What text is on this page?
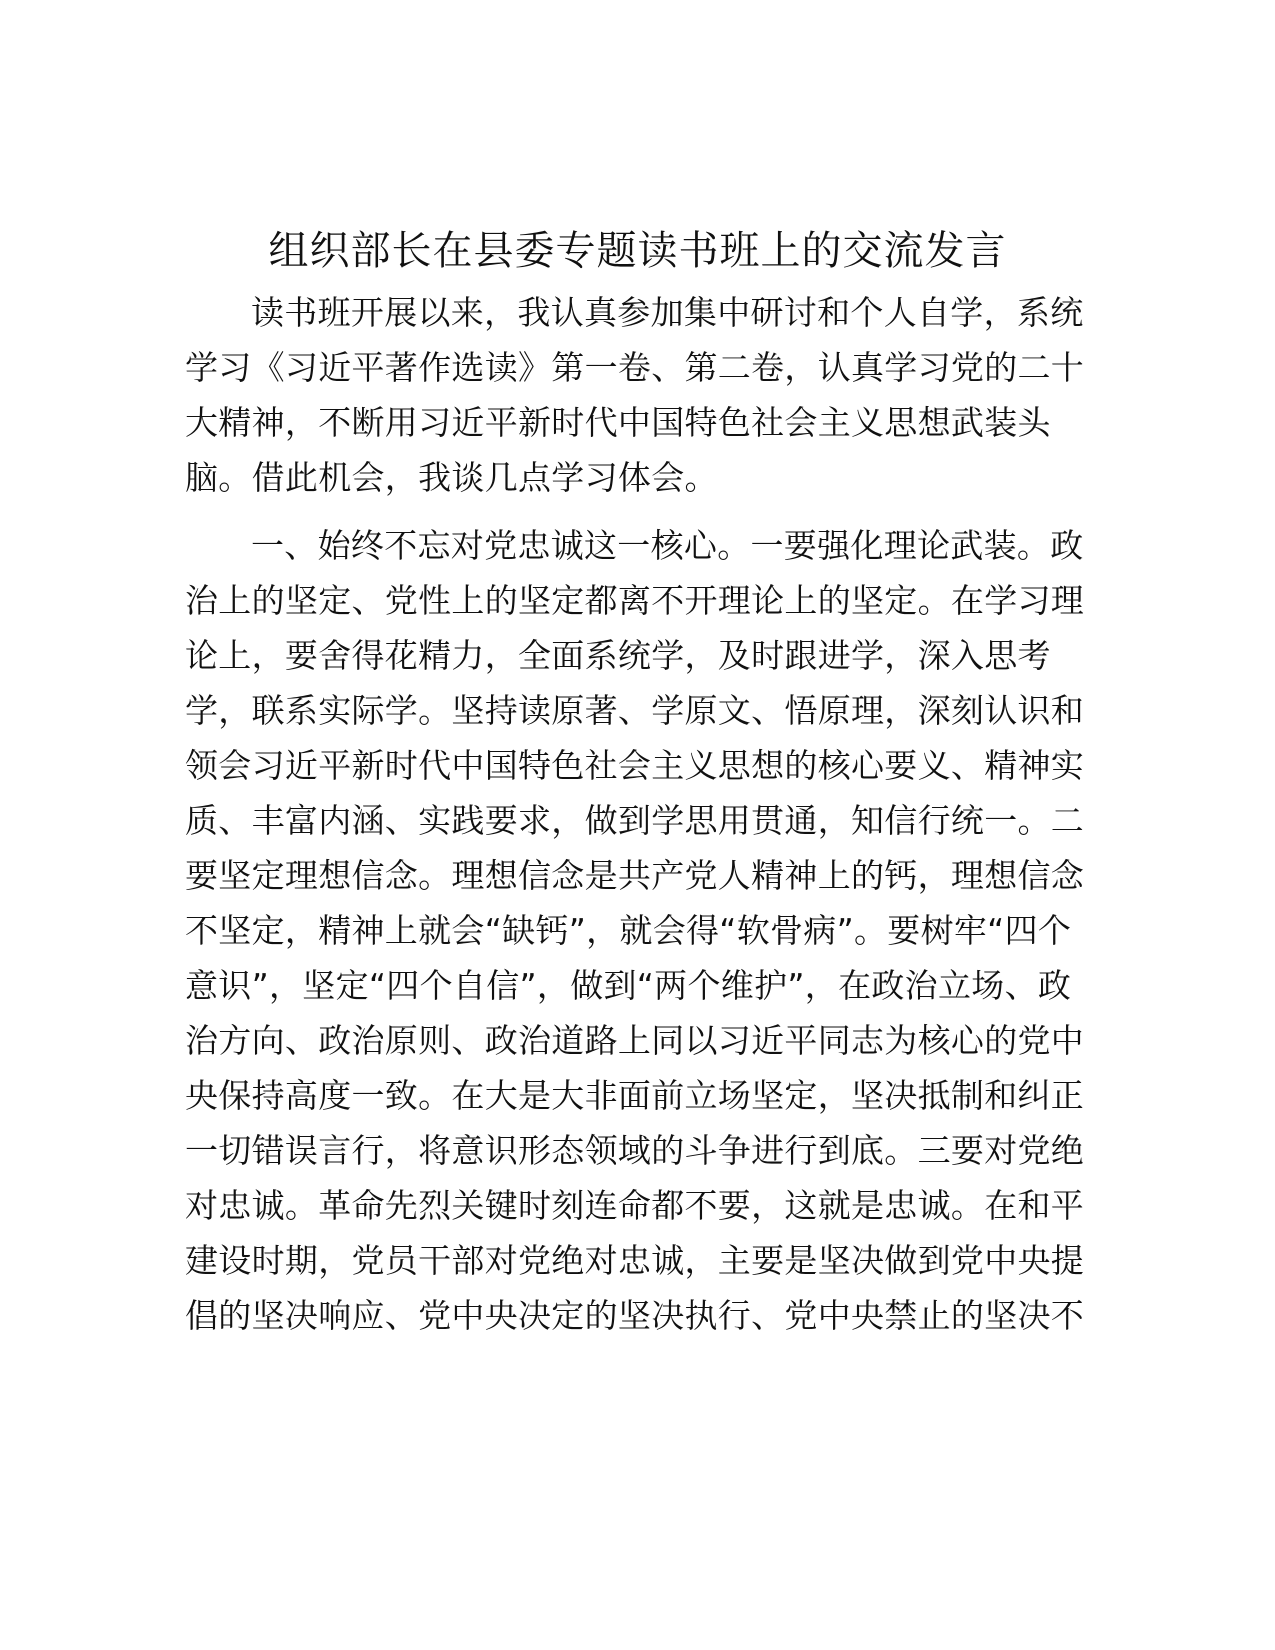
组织部长在县委专题读书班上的交流发言
读书班开展以来，我认真参加集中研讨和个人自学，系统
学习《习近平著作选读》第一卷、第二卷，认真学习党的二十
大精神，不断用习近平新时代中国特色社会主义思想武装头
脑。借此机会，我谈几点学习体会。
一、始终不忘对党忠诚这一核心。一要强化理论武装。政
治上的坚定、党性上的坚定都离不开理论上的坚定。在学习理
论上，要舍得花精力，全面系统学，及时跟进学，深入思考
学，联系实际学。坚持读原著、学原文、悟原理，深刻认识和
领会习近平新时代中国特色社会主义思想的核心要义、精神实
质、丰富内涵、实践要求，做到学思用贯通，知信行统一。二
要坚定理想信念。理想信念是共产党人精神上的钙，理想信念
不坚定，精神上就会“缺钙”，就会得“软骨病”。要树牢“四个
意识”，坚定“四个自信”，做到“两个维护”，在政治立场、政
治方向、政治原则、政治道路上同以习近平同志为核心的党中
央保持高度一致。在大是大非面前立场坚定，坚决抵制和纠正
一切错误言行，将意识形态领域的斗争进行到底。三要对党绝
对忠诚。革命先烈关键时刻连命都不要，这就是忠诚。在和平
建设时期，党员干部对党绝对忠诚，主要是坚决做到党中央提
倡的坚决响应、党中央决定的坚决执行、党中央禁止的坚决不
